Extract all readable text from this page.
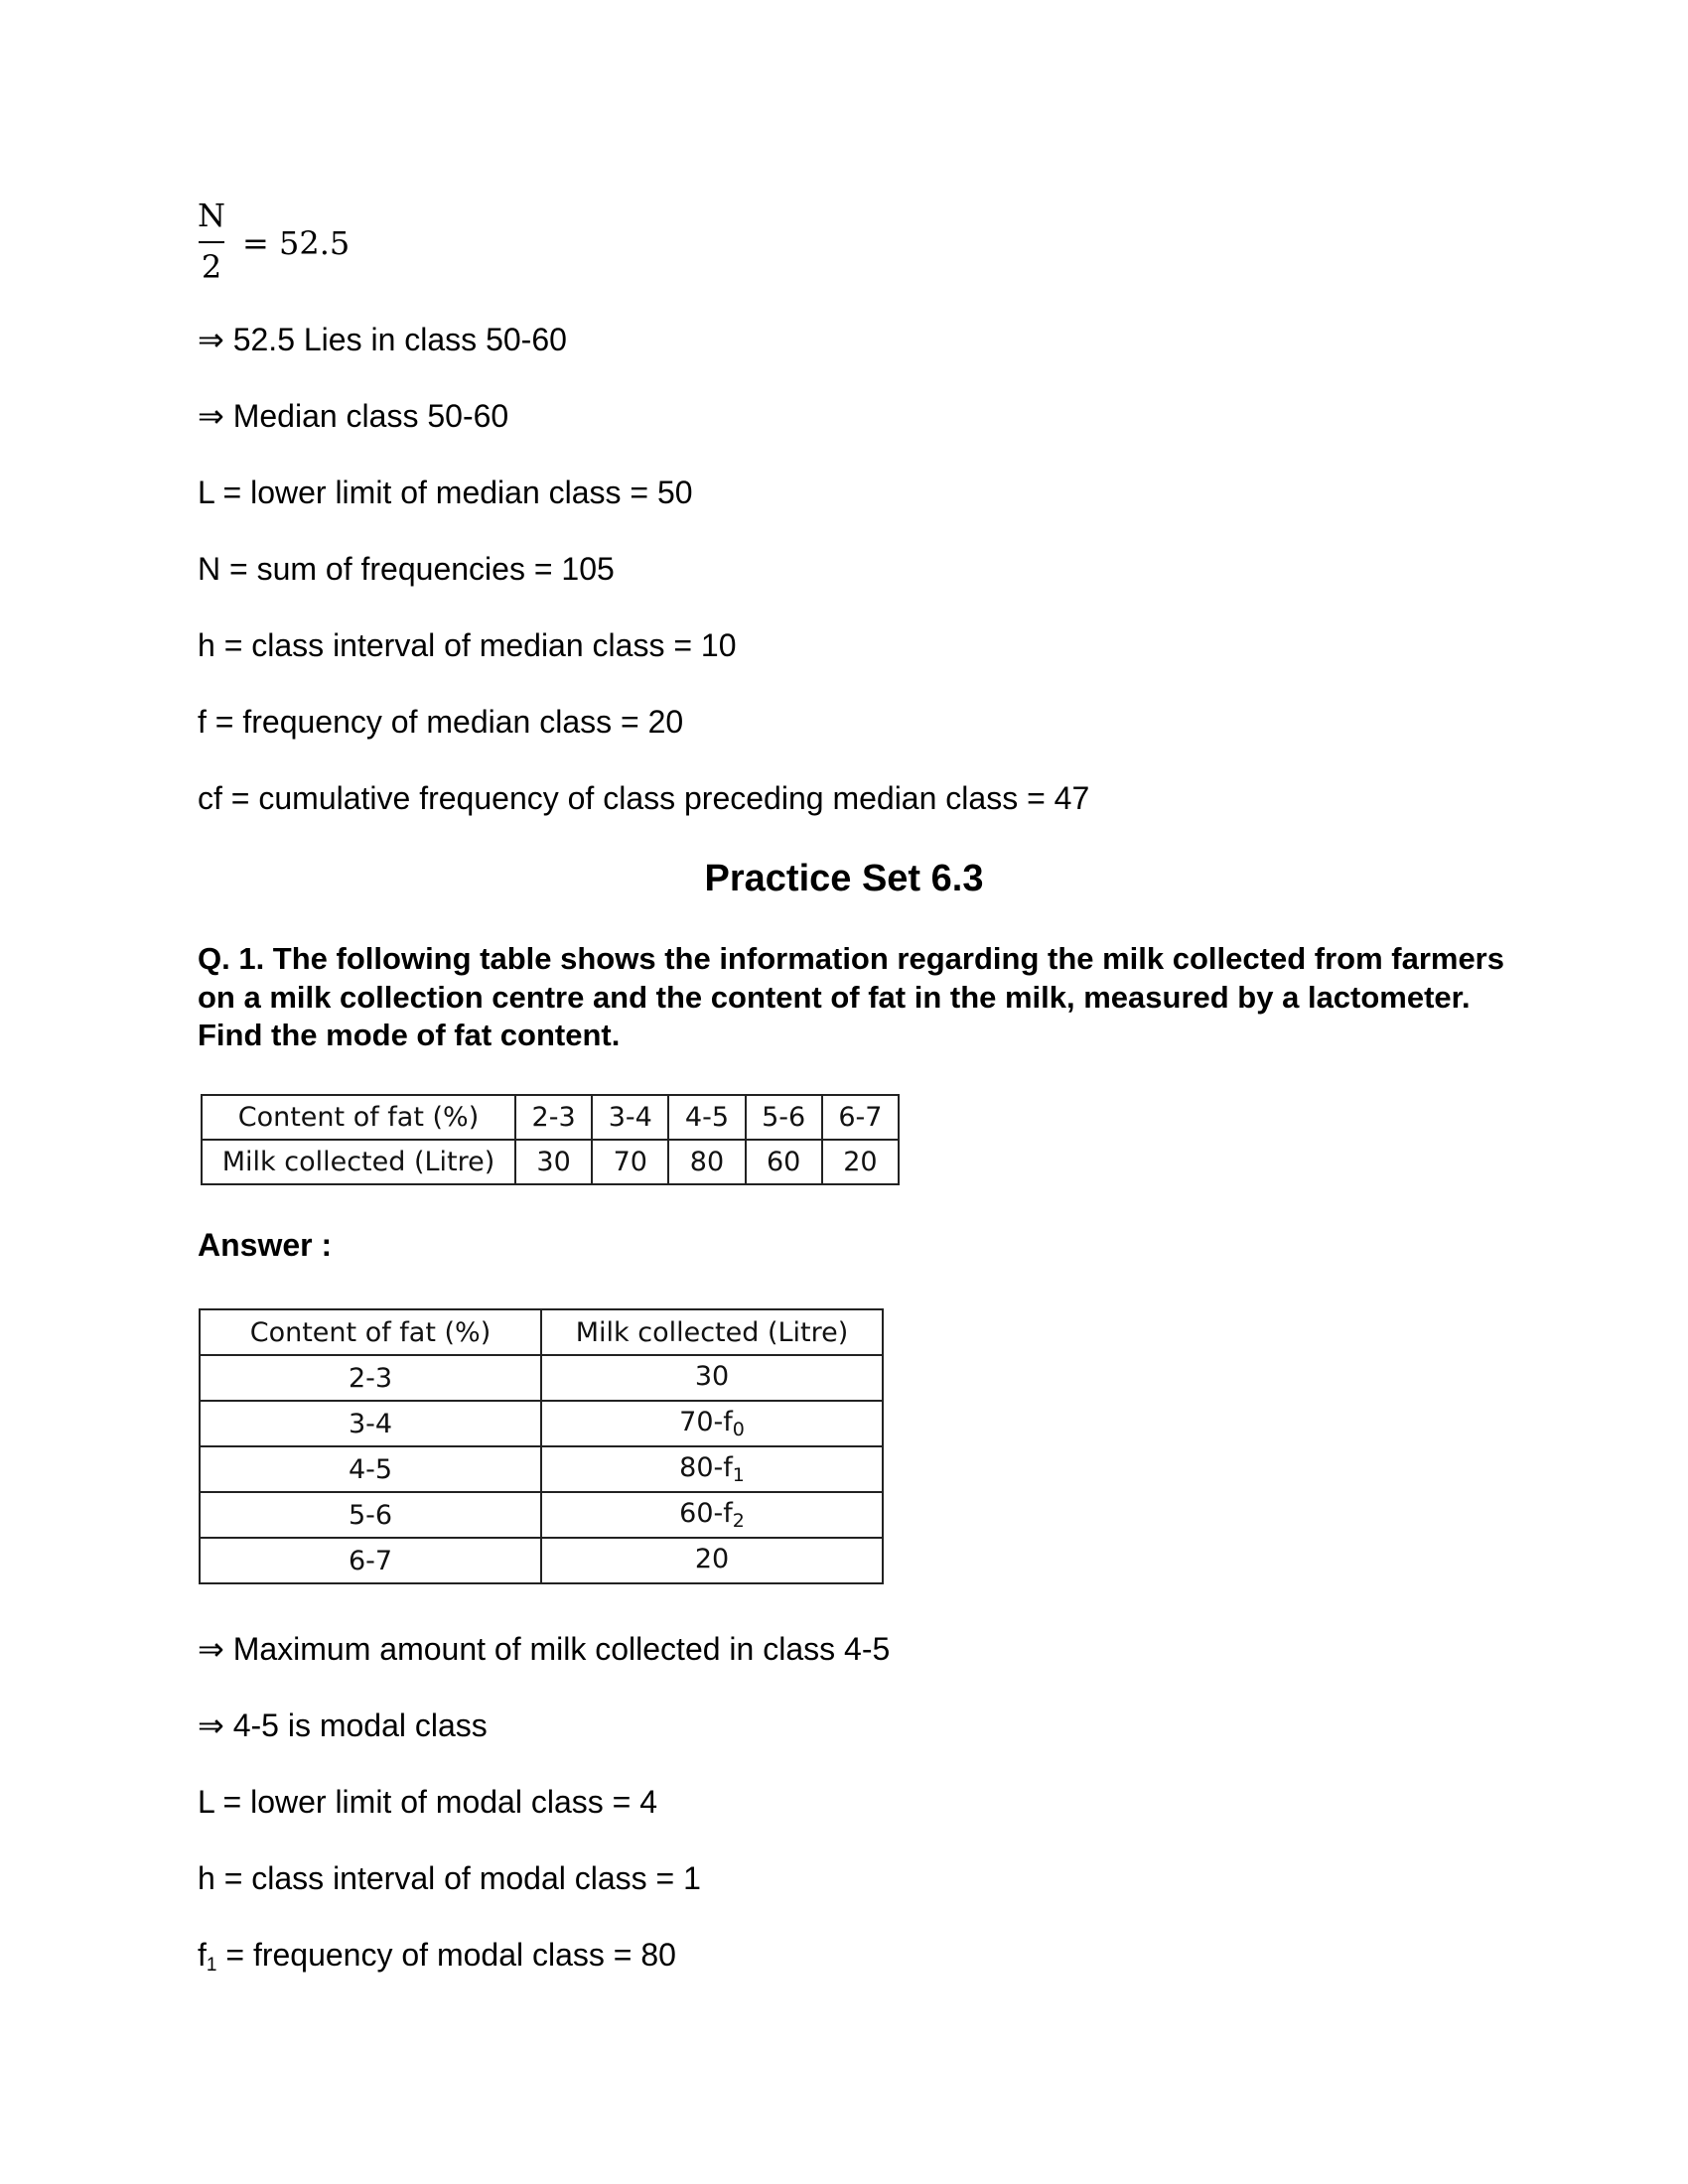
N
2
= 52.5
⇒ 52.5 Lies in class 50-60
⇒ Median class 50-60
L = lower limit of median class = 50
N = sum of frequencies = 105
h = class interval of median class = 10
f = frequency of median class = 20
cf = cumulative frequency of class preceding median class = 47
Practice Set 6.3
Q. 1. The following table shows the information regarding the milk collected from farmers on a milk collection centre and the content of fat in the milk, measured by a lactometer. Find the mode of fat content.
Content of fat (%)	2-3	3-4	4-5	5-6	6-7
Milk collected (Litre)	30	70	80	60	20
Answer :
Content of fat (%)	Milk collected (Litre)
2-3	30
3-4	$70-f_0$
4-5	$80-f_1$
5-6	$60-f_2$
6-7	20
⇒ Maximum amount of milk collected in class 4-5
⇒ 4-5 is modal class
L = lower limit of modal class = 4
h = class interval of modal class = 1
$f_1$ = frequency of modal class = 80
